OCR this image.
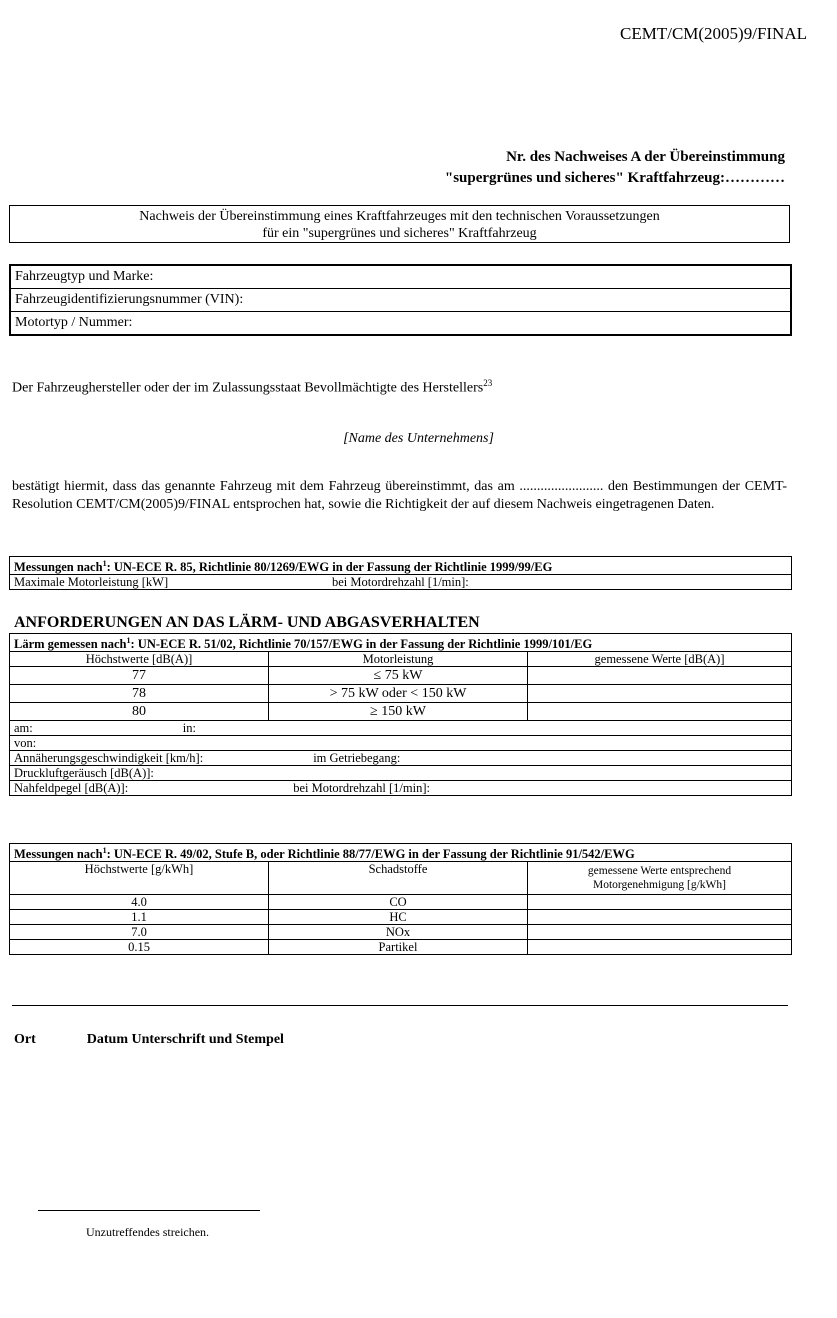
CEMT/CM(2005)9/FINAL
Nr. des Nachweises A der Übereinstimmung
"supergrünes und sicheres" Kraftfahrzeug:…………
Nachweis der Übereinstimmung eines Kraftfahrzeuges mit den technischen Voraussetzungen
für ein "supergrünes und sicheres" Kraftfahrzeug
Fahrzeugtyp und Marke:
Fahrzeugidentifizierungsnummer (VIN):
Motortyp / Nummer:
Der Fahrzeughersteller oder der im Zulassungsstaat Bevollmächtigte des Herstellers$^{23}$
[Name des Unternehmens]
bestätigt hiermit, dass das genannte Fahrzeug mit dem Fahrzeug übereinstimmt, das am ........................ den Bestimmungen der CEMT-Resolution CEMT/CM(2005)9/FINAL entsprochen hat, sowie die Richtigkeit der auf diesem Nachweis eingetragenen Daten.
Messungen nach$^1$: UN-ECE R. 85, Richtlinie 80/1269/EWG in der Fassung der Richtlinie 1999/99/EG
Maximale Motorleistung [kW]	bei Motordrehzahl [1/min]:
ANFORDERUNGEN AN DAS LÄRM- UND ABGASVERHALTEN
Lärm gemessen nach$^1$: UN-ECE R. 51/02, Richtlinie 70/157/EWG in der Fassung der Richtlinie 1999/101/EG		
Höchstwerte [dB(A)]	Motorleistung	gemessene Werte [dB(A)]
77	≤ 75 kW	
78	> 75 kW oder < 150 kW	
80	≥ 150 kW	
am: in:		
von:		
Annäherungsgeschwindigkeit [km/h]: im Getriebegang:		
Druckluftgeräusch [dB(A)]:		
Nahfeldpegel [dB(A)]: bei Motordrehzahl [1/min]:		
Messungen nach$^1$: UN-ECE R. 49/02, Stufe B, oder Richtlinie 88/77/EWG in der Fassung der Richtlinie 91/542/EWG		
Höchstwerte [g/kWh]	Schadstoffe	gemessene Werte entsprechend
Motorgenehmigung [g/kWh]

4.0	CO	
1.1	HC	
7.0	NOx	
0.15	Partikel	
Ort	Datum Unterschrift und Stempel
Unzutreffendes streichen.
